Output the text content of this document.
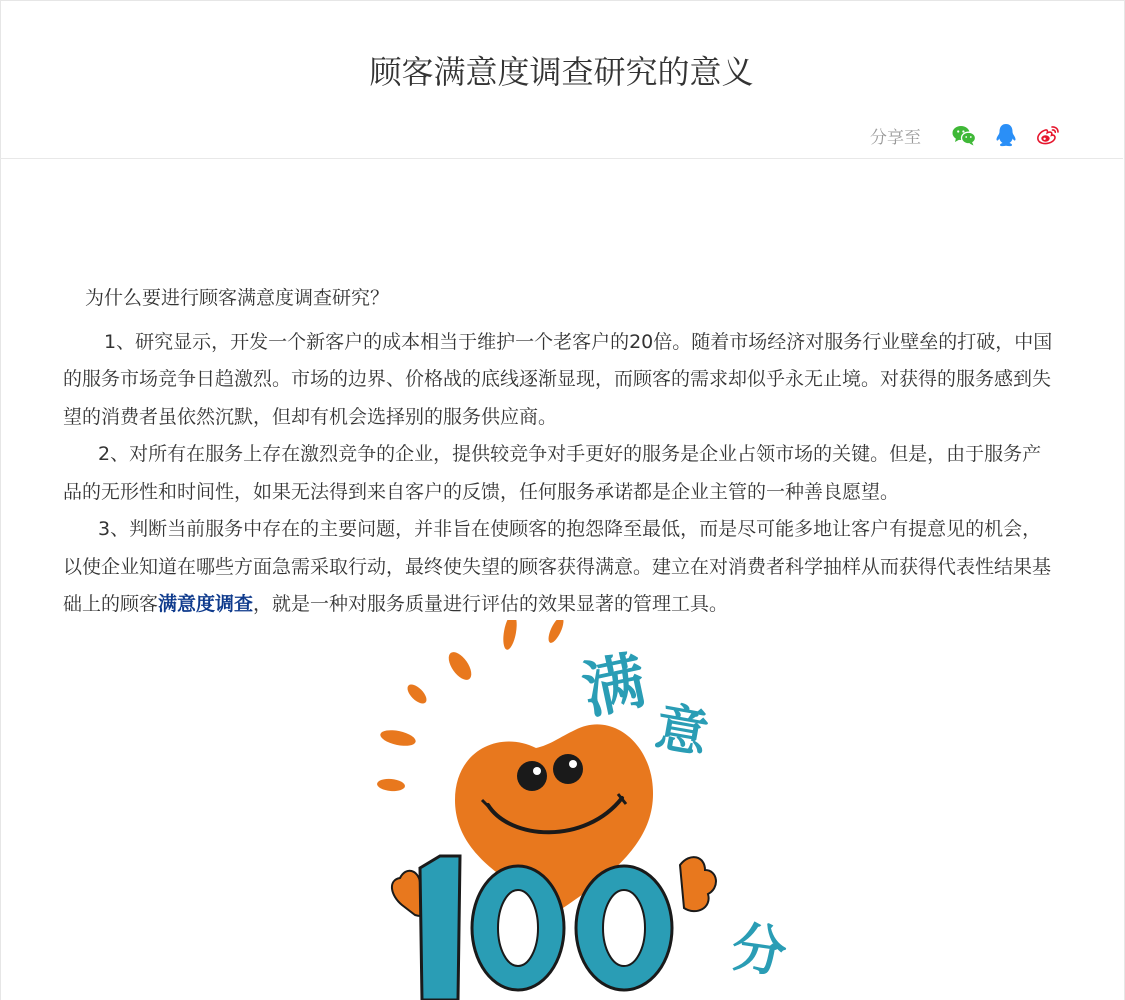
顾客满意度调查研究的意义
分享至

为什么要进行顾客满意度调查研究？

1、研究显示，开发一个新客户的成本相当于维护一个老客户的20倍。随着市场经济对服务行业壁垒的打破，中国的服务市场竞争日趋激烈。市场的边界、价格战的底线逐渐显现，而顾客的需求却似乎永无止境。对获得的服务感到失望的消费者虽依然沉默，但却有机会选择别的服务供应商。

2、对所有在服务上存在激烈竞争的企业，提供较竞争对手更好的服务是企业占领市场的关键。但是，由于服务产品的无形性和时间性，如果无法得到来自客户的反馈，任何服务承诺都是企业主管的一种善良愿望。

3、判断当前服务中存在的主要问题，并非旨在使顾客的抱怨降至最低，而是尽可能多地让客户有提意见的机会，以使企业知道在哪些方面急需采取行动，最终使失望的顾客获得满意。建立在对消费者科学抽样从而获得代表性结果基础上的顾客满意度调查，就是一种对服务质量进行评估的效果显著的管理工具。

满
意
分
